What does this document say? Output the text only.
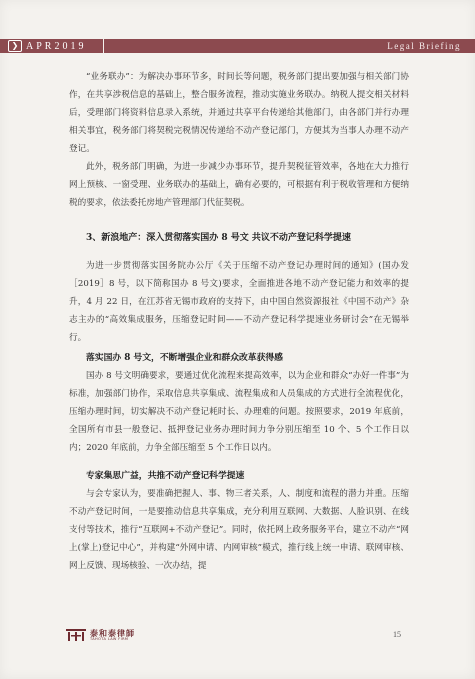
❯ APR2019	Legal Briefing

“业务联办”：为解决办事环节多，时间长等问题，税务部门提出要加强与相关部门协作，在共享涉税信息的基础上，整合服务流程，推动实施业务联办。纳税人提交相关材料后，受理部门将资料信息录入系统，并通过共享平台传递给其他部门，由各部门并行办理相关事宜，税务部门将契税完税情况传递给不动产登记部门，方便其为当事人办理不动产登记。

此外，税务部门明确，为进一步减少办事环节，提升契税征管效率，各地在大力推行网上预核、一窗受理、业务联办的基础上，确有必要的，可根据有利于税收管理和方便纳税的要求，依法委托房地产管理部门代征契税。

3、新浪地产：深入贯彻落实国办 8 号文 共议不动产登记科学提速

为进一步贯彻落实国务院办公厅《关于压缩不动产登记办理时间的通知》(国办发［2019］8 号，以下简称国办 8 号文)要求，全面推进各地不动产登记能力和效率的提升，4 月 22 日，在江苏省无锡市政府的支持下，由中国自然资源报社《中国不动产》杂志主办的“高效集成服务，压缩登记时间——不动产登记科学提速业务研讨会”在无锡举行。

落实国办 8 号文，不断增强企业和群众改革获得感

国办 8 号文明确要求，要通过优化流程来提高效率，以为企业和群众“办好一件事”为标准，加强部门协作，采取信息共享集成、流程集成和人员集成的方式进行全流程优化，压缩办理时间，切实解决不动产登记耗时长、办理难的问题。按照要求，2019 年底前，全国所有市县一般登记、抵押登记业务办理时间力争分别压缩至 10 个、5 个工作日以内；2020 年底前，力争全部压缩至 5 个工作日以内。

专家集思广益，共推不动产登记科学提速

与会专家认为，要准确把握人、事、物三者关系，人、制度和流程的潜力并重。压缩不动产登记时间，一是要推动信息共享集成，充分利用互联网、大数据、人脸识别、在线支付等技术，推行“互联网+不动产登记”。同时，依托网上政务服务平台，建立不动产“网上(掌上)登记中心”，并构建“外网申请、内网审核”模式，推行线上统一申请、联网审核、网上反馈、现场核验、一次办结，提

泰和泰律師
TAHOTA LAW FIRM	15
